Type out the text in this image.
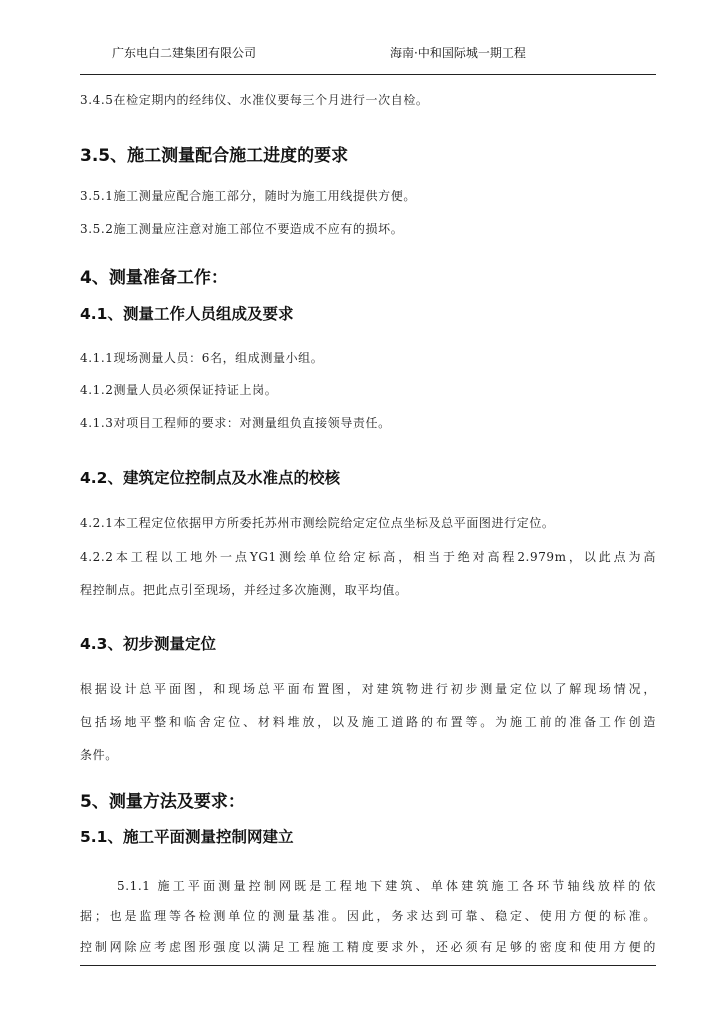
广东电白二建集团有限公司	海南·中和国际城一期工程
3.4.5在检定期内的经纬仪、水准仪要每三个月进行一次自检。
3.5、施工测量配合施工进度的要求
3.5.1施工测量应配合施工部分，随时为施工用线提供方便。
3.5.2施工测量应注意对施工部位不要造成不应有的损坏。
4、测量准备工作：
4.1、测量工作人员组成及要求
4.1.1现场测量人员：6名，组成测量小组。
4.1.2测量人员必须保证持证上岗。
4.1.3对项目工程师的要求：对测量组负直接领导责任。
4.2、建筑定位控制点及水准点的校核
4.2.1本工程定位依据甲方所委托苏州市测绘院给定定位点坐标及总平面图进行定位。
4.2.2本工程以工地外一点YG1测绘单位给定标高，相当于绝对高程2.979m，以此点为高
程控制点。把此点引至现场，并经过多次施测，取平均值。
4.3、初步测量定位
根据设计总平面图，和现场总平面布置图，对建筑物进行初步测量定位以了解现场情况，
包括场地平整和临舍定位、材料堆放，以及施工道路的布置等。为施工前的准备工作创造
条件。
5、测量方法及要求：
5.1、施工平面测量控制网建立
5.1.1 施工平面测量控制网既是工程地下建筑、单体建筑施工各环节轴线放样的依
据；也是监理等各检测单位的测量基准。因此，务求达到可靠、稳定、使用方便的标准。
控制网除应考虑图形强度以满足工程施工精度要求外，还必须有足够的密度和使用方便的
